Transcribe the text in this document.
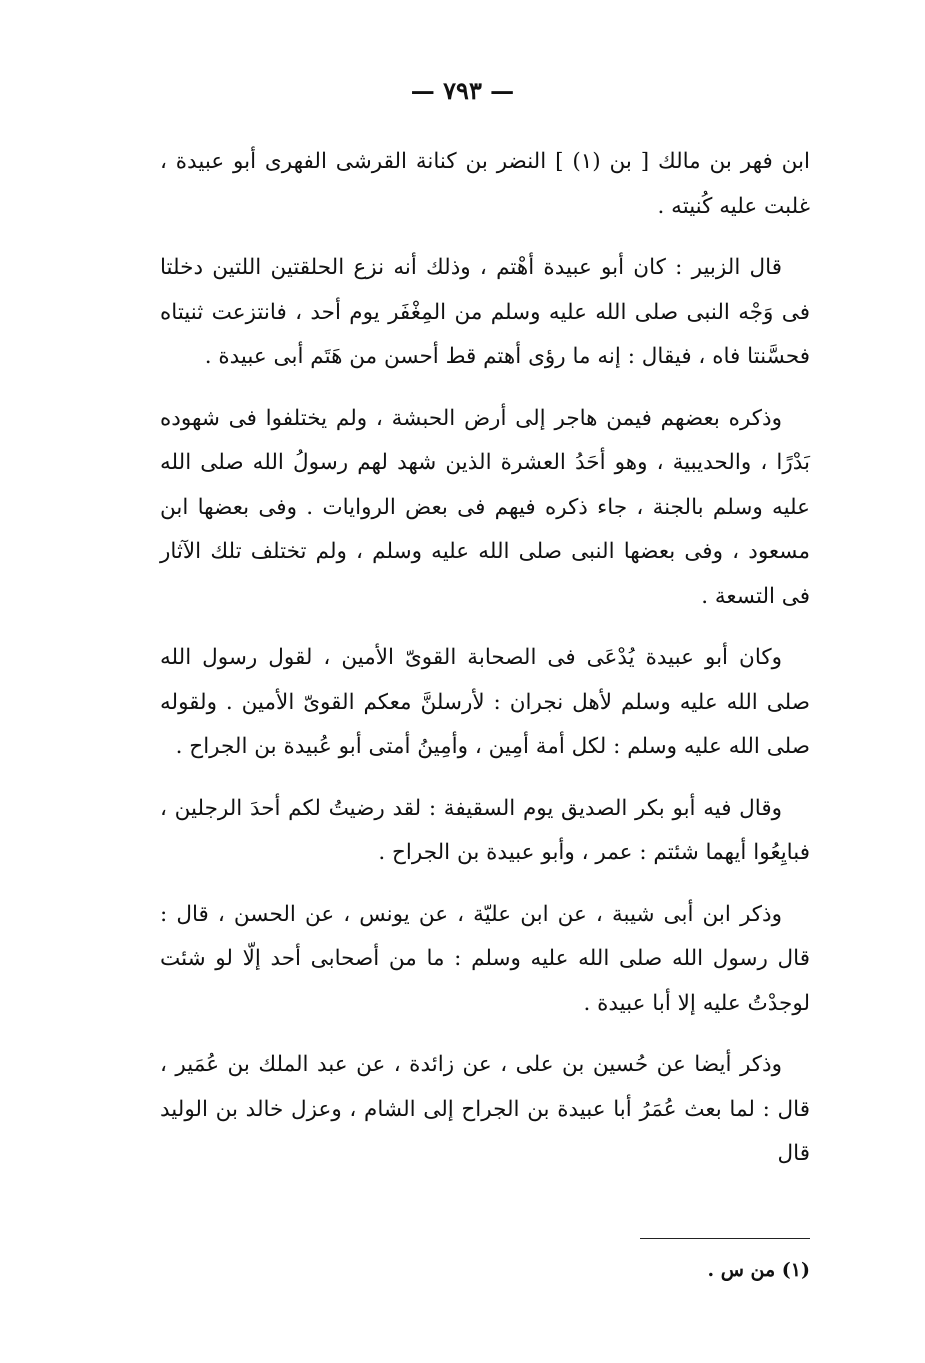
— ٧٩٣ —

ابن فهر بن مالك [ بن (١) ] النضر بن كنانة القرشى الفهرى أبو عبيدة ، غلبت عليه كُنيته .

قال الزبير : كان أبو عبيدة أهْتم ، وذلك أنه نزع الحلقتين اللتين دخلتا فى وَجْه النبى صلى الله عليه وسلم من المِغْفَر يوم أحد ، فانتزعت ثنيتاه فحسَّنتا فاه ، فيقال : إنه ما رؤى أهتم قط أحسن من هَتَم أبى عبيدة .

وذكره بعضهم فيمن هاجر إلى أرض الحبشة ، ولم يختلفوا فى شهوده بَدْرًا ، والحديبية ، وهو أحَدُ العشرة الذين شهد لهم رسولُ الله صلى الله عليه وسلم بالجنة ، جاء ذكره فيهم فى بعض الروايات . وفى بعضها ابن مسعود ، وفى بعضها النبى صلى الله عليه وسلم ، ولم تختلف تلك الآثار فى التسعة .

وكان أبو عبيدة يُدْعَى فى الصحابة القوىّ الأمين ، لقول رسول الله صلى الله عليه وسلم لأهل نجران : لأرسلنَّ معكم القوىّ الأمين . ولقوله صلى الله عليه وسلم : لكل أمة أمِين ، وأمِينُ أمتى أبو عُبيدة بن الجراح .

وقال فيه أبو بكر الصديق يوم السقيفة : لقد رضيتُ لكم أحدَ الرجلين ، فبايِعُوا أيهما شئتم : عمر ، وأبو عبيدة بن الجراح .

وذكر ابن أبى شيبة ، عن ابن عليّة ، عن يونس ، عن الحسن ، قال : قال رسول الله صلى الله عليه وسلم : ما من أصحابى أحد إلّا لو شئت لوجدْتُ عليه إلا أبا عبيدة .

وذكر أيضا عن حُسين بن على ، عن زائدة ، عن عبد الملك بن عُمَير ، قال : لما بعث عُمَرُ أبا عبيدة بن الجراح إلى الشام ، وعزل خالد بن الوليد قال

(١) من س .
